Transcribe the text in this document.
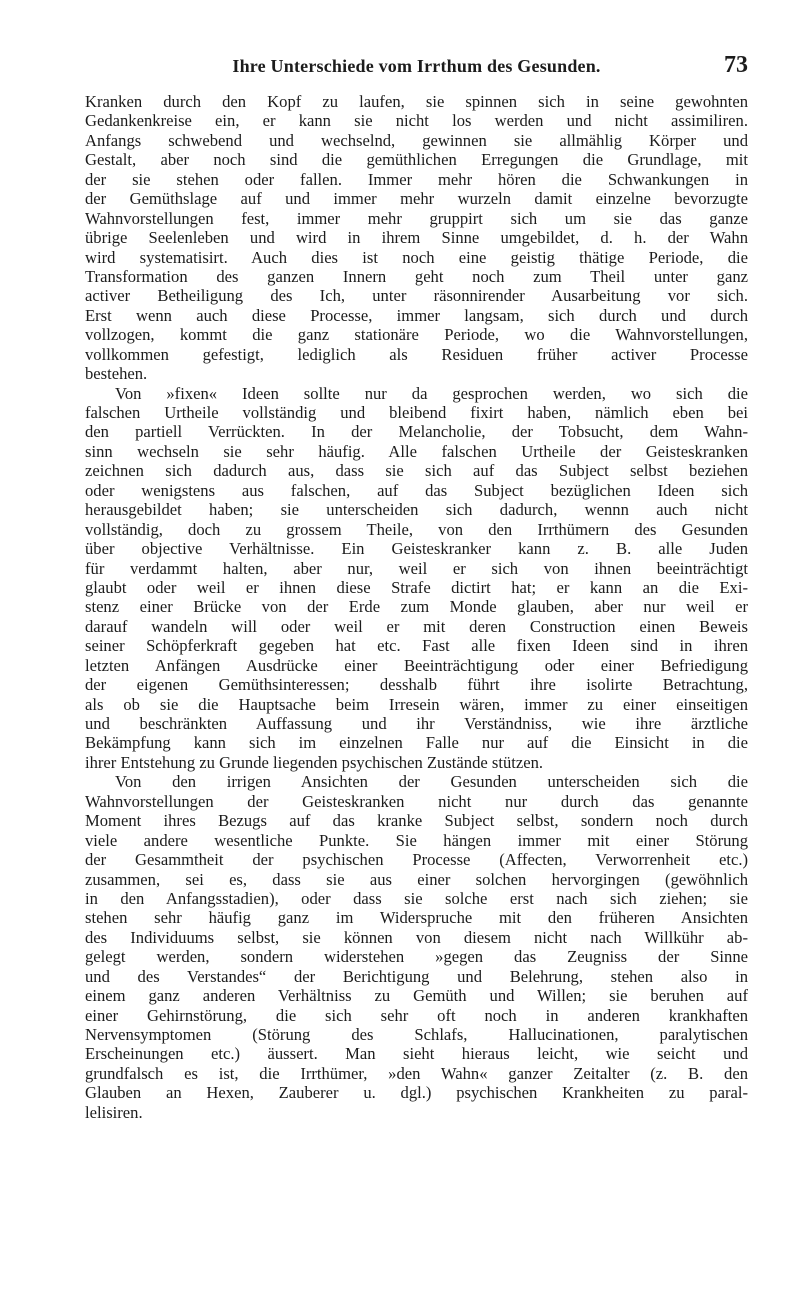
Ihre Unterschiede vom Irrthum des Gesunden.	73
Kranken durch den Kopf zu laufen, sie spinnen sich in seine gewohnten
Gedankenkreise ein, er kann sie nicht los werden und nicht assimiliren.
Anfangs schwebend und wechselnd, gewinnen sie allmählig Körper und
Gestalt, aber noch sind die gemüthlichen Erregungen die Grundlage, mit
der sie stehen oder fallen. Immer mehr hören die Schwankungen in
der Gemüthslage auf und immer mehr wurzeln damit einzelne bevorzugte
Wahnvorstellungen fest, immer mehr gruppirt sich um sie das ganze
übrige Seelenleben und wird in ihrem Sinne umgebildet, d. h. der Wahn
wird systematisirt. Auch dies ist noch eine geistig thätige Periode, die
Transformation des ganzen Innern geht noch zum Theil unter ganz
activer Betheiligung des Ich, unter räsonnirender Ausarbeitung vor sich.
Erst wenn auch diese Processe, immer langsam, sich durch und durch
vollzogen, kommt die ganz stationäre Periode, wo die Wahnvorstellungen,
vollkommen gefestigt, lediglich als Residuen früher activer Processe
bestehen.
Von »fixen« Ideen sollte nur da gesprochen werden, wo sich die
falschen Urtheile vollständig und bleibend fixirt haben, nämlich eben bei
den partiell Verrückten. In der Melancholie, der Tobsucht, dem Wahn-
sinn wechseln sie sehr häufig. Alle falschen Urtheile der Geisteskranken
zeichnen sich dadurch aus, dass sie sich auf das Subject selbst beziehen
oder wenigstens aus falschen, auf das Subject bezüglichen Ideen sich
herausgebildet haben; sie unterscheiden sich dadurch, wennn auch nicht
vollständig, doch zu grossem Theile, von den Irrthümern des Gesunden
über objective Verhältnisse. Ein Geisteskranker kann z. B. alle Juden
für verdammt halten, aber nur, weil er sich von ihnen beeinträchtigt
glaubt oder weil er ihnen diese Strafe dictirt hat; er kann an die Exi-
stenz einer Brücke von der Erde zum Monde glauben, aber nur weil er
darauf wandeln will oder weil er mit deren Construction einen Beweis
seiner Schöpferkraft gegeben hat etc. Fast alle fixen Ideen sind in ihren
letzten Anfängen Ausdrücke einer Beeinträchtigung oder einer Befriedigung
der eigenen Gemüthsinteressen; desshalb führt ihre isolirte Betrachtung,
als ob sie die Hauptsache beim Irresein wären, immer zu einer einseitigen
und beschränkten Auffassung und ihr Verständniss, wie ihre ärztliche
Bekämpfung kann sich im einzelnen Falle nur auf die Einsicht in die
ihrer Entstehung zu Grunde liegenden psychischen Zustände stützen.
Von den irrigen Ansichten der Gesunden unterscheiden sich die
Wahnvorstellungen der Geisteskranken nicht nur durch das genannte
Moment ihres Bezugs auf das kranke Subject selbst, sondern noch durch
viele andere wesentliche Punkte. Sie hängen immer mit einer Störung
der Gesammtheit der psychischen Processe (Affecten, Verworrenheit etc.)
zusammen, sei es, dass sie aus einer solchen hervorgingen (gewöhnlich
in den Anfangsstadien), oder dass sie solche erst nach sich ziehen; sie
stehen sehr häufig ganz im Widerspruche mit den früheren Ansichten
des Individuums selbst, sie können von diesem nicht nach Willkühr ab-
gelegt werden, sondern widerstehen »gegen das Zeugniss der Sinne
und des Verstandes“ der Berichtigung und Belehrung, stehen also in
einem ganz anderen Verhältniss zu Gemüth und Willen; sie beruhen auf
einer Gehirnstörung, die sich sehr oft noch in anderen krankhaften
Nervensymptomen (Störung des Schlafs, Hallucinationen, paralytischen
Erscheinungen etc.) äussert. Man sieht hieraus leicht, wie seicht und
grundfalsch es ist, die Irrthümer, »den Wahn« ganzer Zeitalter (z. B. den
Glauben an Hexen, Zauberer u. dgl.) psychischen Krankheiten zu paral-
lelisiren.
